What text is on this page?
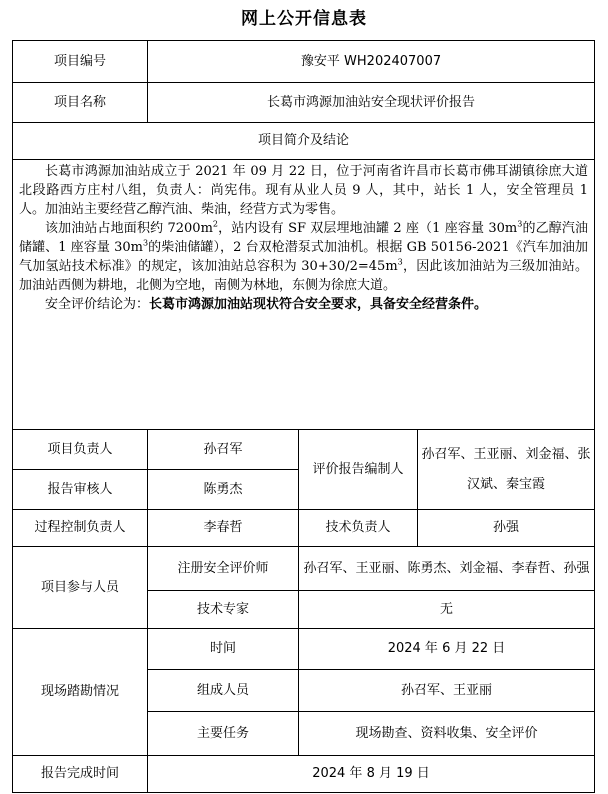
网上公开信息表
项目编号	豫安平 WH202407007		
项目名称	长葛市鸿源加油站安全现状评价报告		
项目简介及结论			

长葛市鸿源加油站成立于 2021 年 09 月 22 日，位于河南省许昌市长葛市佛耳湖镇徐庶大道北段路西方庄村八组，负责人：尚宪伟。现有从业人员 9 人，其中，站长 1 人，安全管理员 1 人。加油站主要经营乙醇汽油、柴油，经营方式为零售。

该加油站占地面积约 $7200m^2$，站内设有 SF 双层埋地油罐 2 座（1 座容量 $30m^3$的乙醇汽油储罐、1 座容量 $30m^3$的柴油储罐），2 台双枪潜泵式加油机。根据 GB 50156-2021《汽车加油加气加氢站技术标准》的规定，该加油站总容积为 $30+30/2=45m^3$，因此该加油站为三级加油站。加油站西侧为耕地，北侧为空地，南侧为林地，东侧为徐庶大道。

安全评价结论为：长葛市鸿源加油站现状符合安全要求，具备安全经营条件。			

项目负责人	孙召军	评价报告编制人	孙召军、王亚丽、刘金福、张汉斌、秦宝霞
报告审核人	陈勇杰		
过程控制负责人	李春哲	技术负责人	孙强
项目参与人员	注册安全评价师	孙召军、王亚丽、陈勇杰、刘金福、李春哲、孙强	
	技术专家	无	
现场踏勘情况	时间	2024 年 6 月 22 日	
	组成人员	孙召军、王亚丽	
	主要任务	现场勘查、资料收集、安全评价	
报告完成时间	2024 年 8 月 19 日		
